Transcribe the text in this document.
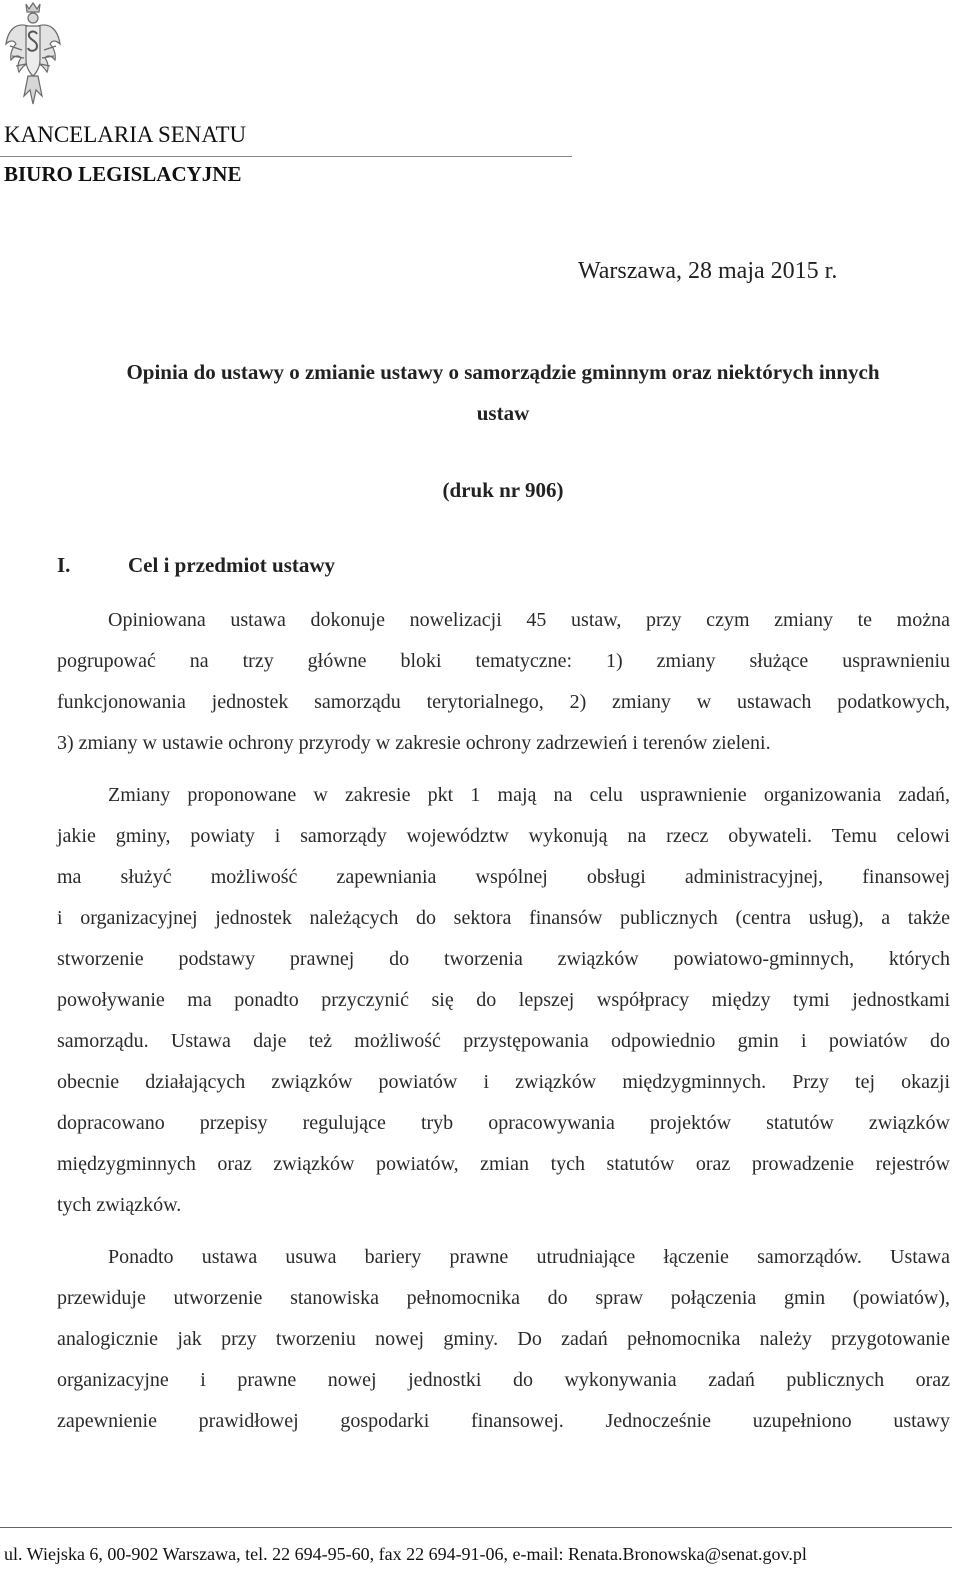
KANCELARIA SENATU
BIURO LEGISLACYJNE
Warszawa, 28 maja 2015 r.
Opinia do ustawy o zmianie ustawy o samorządzie gminnym oraz niektórych innych
ustaw
(druk nr 906)
I.	Cel i przedmiot ustawy
Opiniowana ustawa dokonuje nowelizacji 45 ustaw, przy czym zmiany te można
pogrupować na trzy główne bloki tematyczne: 1) zmiany służące usprawnieniu
funkcjonowania jednostek samorządu terytorialnego, 2) zmiany w ustawach podatkowych,
3) zmiany w ustawie ochrony przyrody w zakresie ochrony zadrzewień i terenów zieleni.
Zmiany proponowane w zakresie pkt 1 mają na celu usprawnienie organizowania zadań,
jakie gminy, powiaty i samorządy województw wykonują na rzecz obywateli. Temu celowi
ma służyć możliwość zapewniania wspólnej obsługi administracyjnej, finansowej
i organizacyjnej jednostek należących do sektora finansów publicznych (centra usług), a także
stworzenie podstawy prawnej do tworzenia związków powiatowo-gminnych, których
powoływanie ma ponadto przyczynić się do lepszej współpracy między tymi jednostkami
samorządu. Ustawa daje też możliwość przystępowania odpowiednio gmin i powiatów do
obecnie działających związków powiatów i związków międzygminnych. Przy tej okazji
dopracowano przepisy regulujące tryb opracowywania projektów statutów związków
międzygminnych oraz związków powiatów, zmian tych statutów oraz prowadzenie rejestrów
tych związków.
Ponadto ustawa usuwa bariery prawne utrudniające łączenie samorządów. Ustawa
przewiduje utworzenie stanowiska pełnomocnika do spraw połączenia gmin (powiatów),
analogicznie jak przy tworzeniu nowej gminy. Do zadań pełnomocnika należy przygotowanie
organizacyjne i prawne nowej jednostki do wykonywania zadań publicznych oraz
zapewnienie prawidłowej gospodarki finansowej. Jednocześnie uzupełniono ustawy
ul. Wiejska 6, 00-902 Warszawa, tel. 22 694-95-60, fax 22 694-91-06, e-mail: Renata.Bronowska@senat.gov.pl
